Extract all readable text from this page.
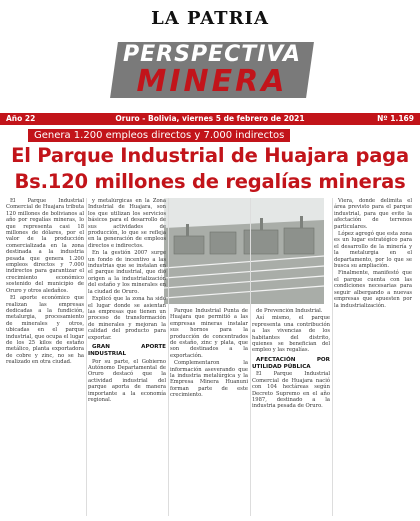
LA PATRIA
PERSPECTIVA
MINERA
Año 22	Oruro - Bolivia, viernes 5 de febrero de 2021	Nº 1.169
Genera 1.200 empleos directos y 7.000 indirectos
El Parque Industrial de Huajara paga
Bs.120 millones de regalías mineras

El Parque Industrial Comercial de Huajara tributa 120 millones de bolivianos al año por regalías mineras, lo que representa casi 18 millones de dólares, por el valor de la producción comercializada en la zona destinada a la industria pesada que genera 1.200 empleos directos y 7.000 indirectos para garantizar el crecimiento económico sostenido del municipio de Oruro y otros aledaños.

El aporte económico que realizan las empresas dedicadas a la fundición, metalurgia, procesamiento de minerales y otros, ubicadas en el parque industrial, que ocupa el lugar de los 25 kilos de estaño metálico, planta exportadora de cobre y zinc, no se ha realizado en otra ciudad.

y metalúrgicas en la Zona Industrial de Huajara, son los que utilizan los servicios básicos para el desarrollo de sus actividades de producción, lo que se refleja en la generación de empleos directos e indirectos.

En la gestión 2007 surge un fondo de incentivo a las industrias que se instalan en el parque industrial, que dio origen a la industrialización del estaño y los minerales en la ciudad de Oruro.

Explicó que la zona ha sido el lugar donde se asientan las empresas que tienen un proceso de transformación de minerales y mejoran la calidad del producto para exportar.

GRAN APORTE INDUSTRIAL

Por su parte, el Gobierno Autónomo Departamental de Oruro destacó que la actividad industrial del parque aporta de manera importante a la economía regional.

Parque Industrial Punta de Huajara que permitió a las empresas mineras instalar sus hornos para la producción de concentrados de estaño, zinc y plata, que son destinados a la exportación.

Complementaron la información aseverando que la industria metalúrgica y la Empresa Minera Huanuni forman parte de este crecimiento.

de Prevención Industrial.

Así mismo, el parque representa una contribución a las vivencias de los habitantes del distrito, quienes se benefician del empleo y las regalías.

AFECTACIÓN POR UTILIDAD PÚBLICA

El Parque Industrial Comercial de Huajara nació con 104 hectáreas según Decreto Supremo en el año 1987, destinado a la industria pesada de Oruro.

Viera, donde delimita el área previsto para el parque industrial, para que evite la afectación de terrenos particulares.

López agregó que esta zona es un lugar estratégico para el desarrollo de la minería y la metalurgia en el departamento, por lo que se busca su ampliación.

Finalmente, manifestó que el parque cuenta con las condiciones necesarias para seguir albergando a nuevas empresas que apuesten por la industrialización.
